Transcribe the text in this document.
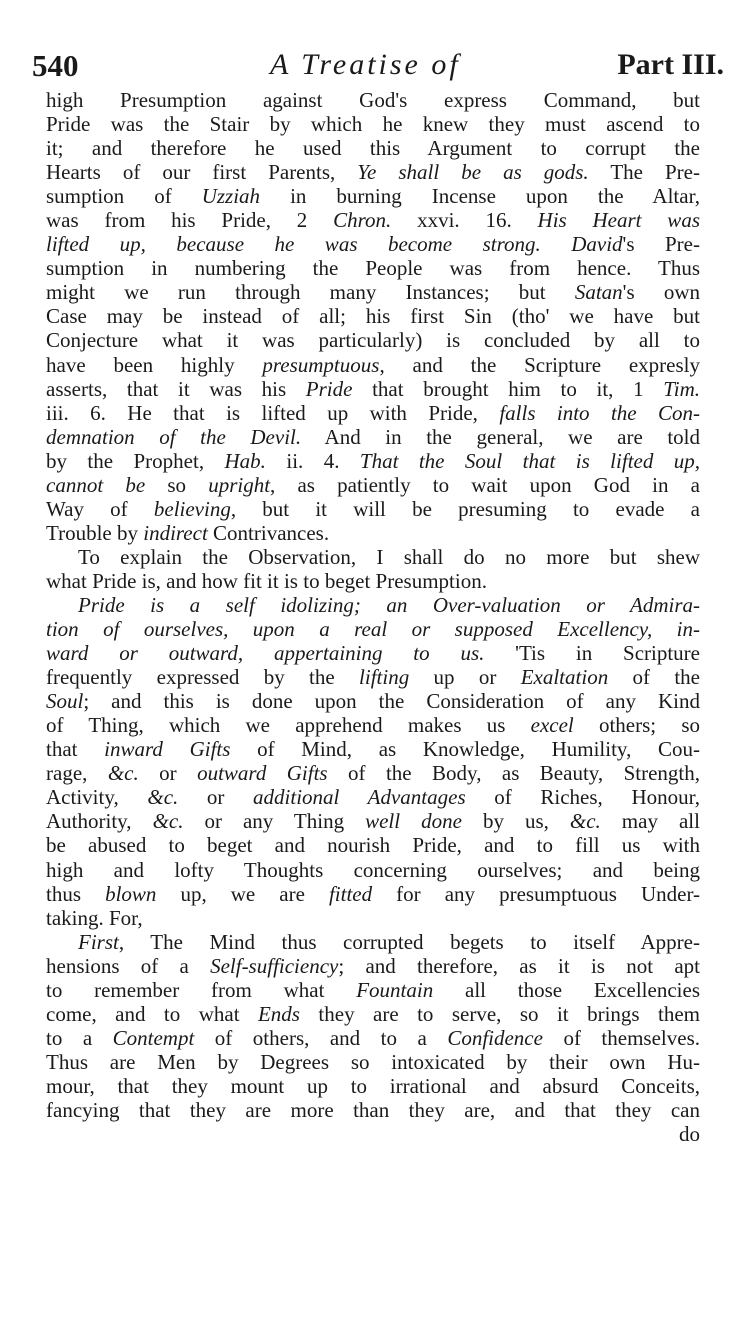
540	A Treatise of	Part III.
high Presumption against God's express Command, but
Pride was the Stair by which he knew they must ascend to
it; and therefore he used this Argument to corrupt the
Hearts of our first Parents, Ye shall be as gods. The Pre-
sumption of Uzziah in burning Incense upon the Altar,
was from his Pride, 2 Chron. xxvi. 16. His Heart was
lifted up, because he was become strong. David's Pre-
sumption in numbering the People was from hence. Thus
might we run through many Instances; but Satan's own
Case may be instead of all; his first Sin (tho' we have but
Conjecture what it was particularly) is concluded by all to
have been highly presumptuous, and the Scripture expresly
asserts, that it was his Pride that brought him to it, 1 Tim.
iii. 6. He that is lifted up with Pride, falls into the Con-
demnation of the Devil. And in the general, we are told
by the Prophet, Hab. ii. 4. That the Soul that is lifted up,
cannot be so upright, as patiently to wait upon God in a
Way of believing, but it will be presuming to evade a
Trouble by indirect Contrivances.
To explain the Observation, I shall do no more but shew
what Pride is, and how fit it is to beget Presumption.
Pride is a self idolizing; an Over-valuation or Admira-
tion of ourselves, upon a real or supposed Excellency, in-
ward or outward, appertaining to us. 'Tis in Scripture
frequently expressed by the lifting up or Exaltation of the
Soul; and this is done upon the Consideration of any Kind
of Thing, which we apprehend makes us excel others; so
that inward Gifts of Mind, as Knowledge, Humility, Cou-
rage, &c. or outward Gifts of the Body, as Beauty, Strength,
Activity, &c. or additional Advantages of Riches, Honour,
Authority, &c. or any Thing well done by us, &c. may all
be abused to beget and nourish Pride, and to fill us with
high and lofty Thoughts concerning ourselves; and being
thus blown up, we are fitted for any presumptuous Under-
taking. For,
First, The Mind thus corrupted begets to itself Appre-
hensions of a Self-sufficiency; and therefore, as it is not apt
to remember from what Fountain all those Excellencies
come, and to what Ends they are to serve, so it brings them
to a Contempt of others, and to a Confidence of themselves.
Thus are Men by Degrees so intoxicated by their own Hu-
mour, that they mount up to irrational and absurd Conceits,
fancying that they are more than they are, and that they can
do
